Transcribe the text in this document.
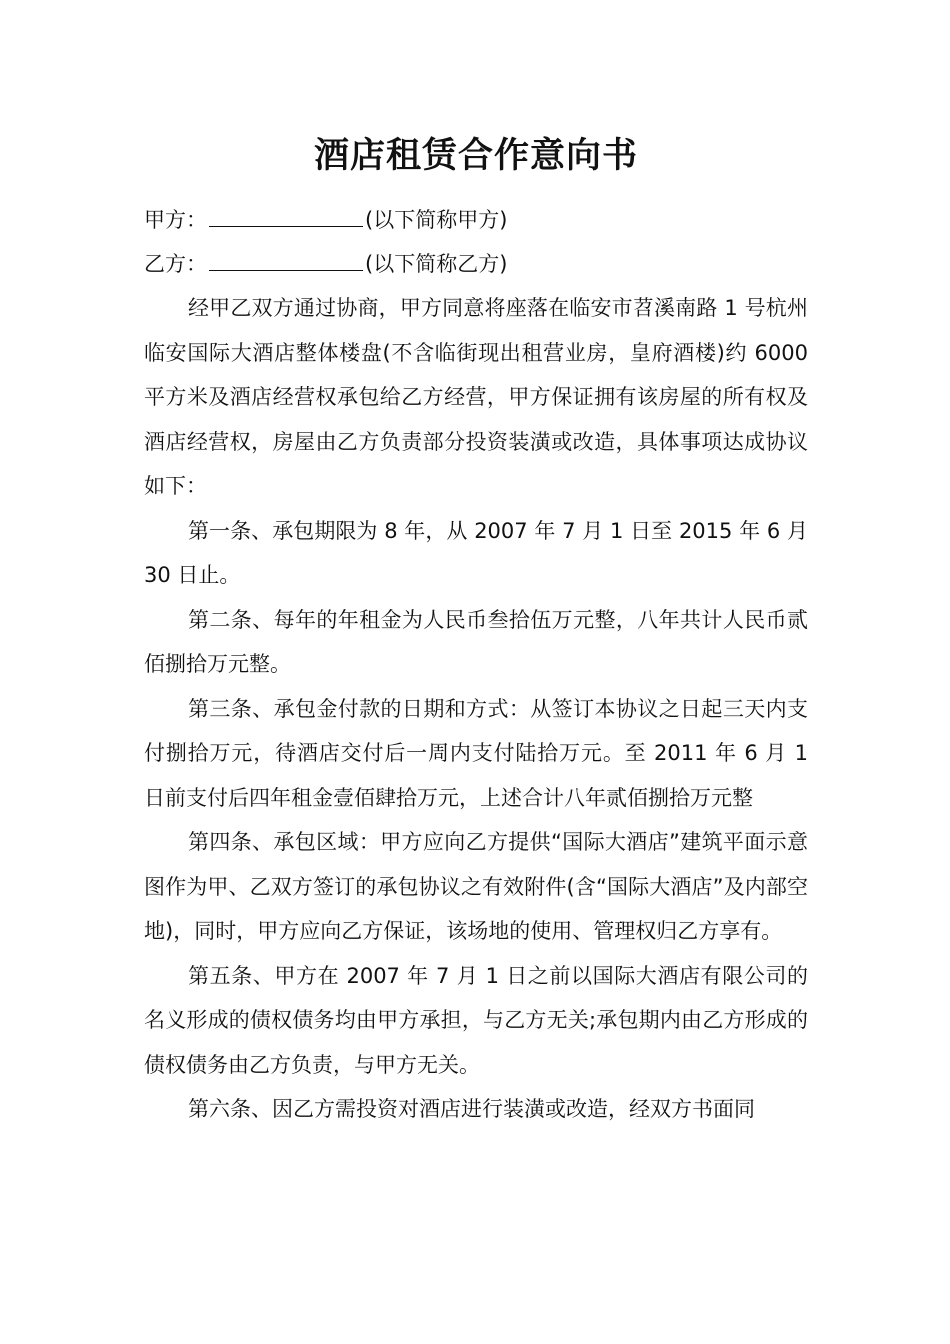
酒店租赁合作意向书

甲方：	(以下简称甲方)

乙方：	(以下简称乙方)

经甲乙双方通过协商，甲方同意将座落在临安市苕溪南路 1 号杭州临安国际大酒店整体楼盘(不含临街现出租营业房，皇府酒楼)约 6000 平方米及酒店经营权承包给乙方经营，甲方保证拥有该房屋的所有权及酒店经营权，房屋由乙方负责部分投资装潢或改造，具体事项达成协议如下：

第一条、承包期限为 8 年，从 2007 年 7 月 1 日至 2015 年 6 月 30 日止。

第二条、每年的年租金为人民币叁拾伍万元整，八年共计人民币贰佰捌拾万元整。

第三条、承包金付款的日期和方式：从签订本协议之日起三天内支付捌拾万元，待酒店交付后一周内支付陆拾万元。至 2011 年 6 月 1 日前支付后四年租金壹佰肆拾万元，上述合计八年贰佰捌拾万元整

第四条、承包区域：甲方应向乙方提供“国际大酒店”建筑平面示意图作为甲、乙双方签订的承包协议之有效附件(含“国际大酒店”及内部空地)，同时，甲方应向乙方保证，该场地的使用、管理权归乙方享有。

第五条、甲方在 2007 年 7 月 1 日之前以国际大酒店有限公司的名义形成的债权债务均由甲方承担，与乙方无关;承包期内由乙方形成的债权债务由乙方负责，与甲方无关。

第六条、因乙方需投资对酒店进行装潢或改造，经双方书面同
